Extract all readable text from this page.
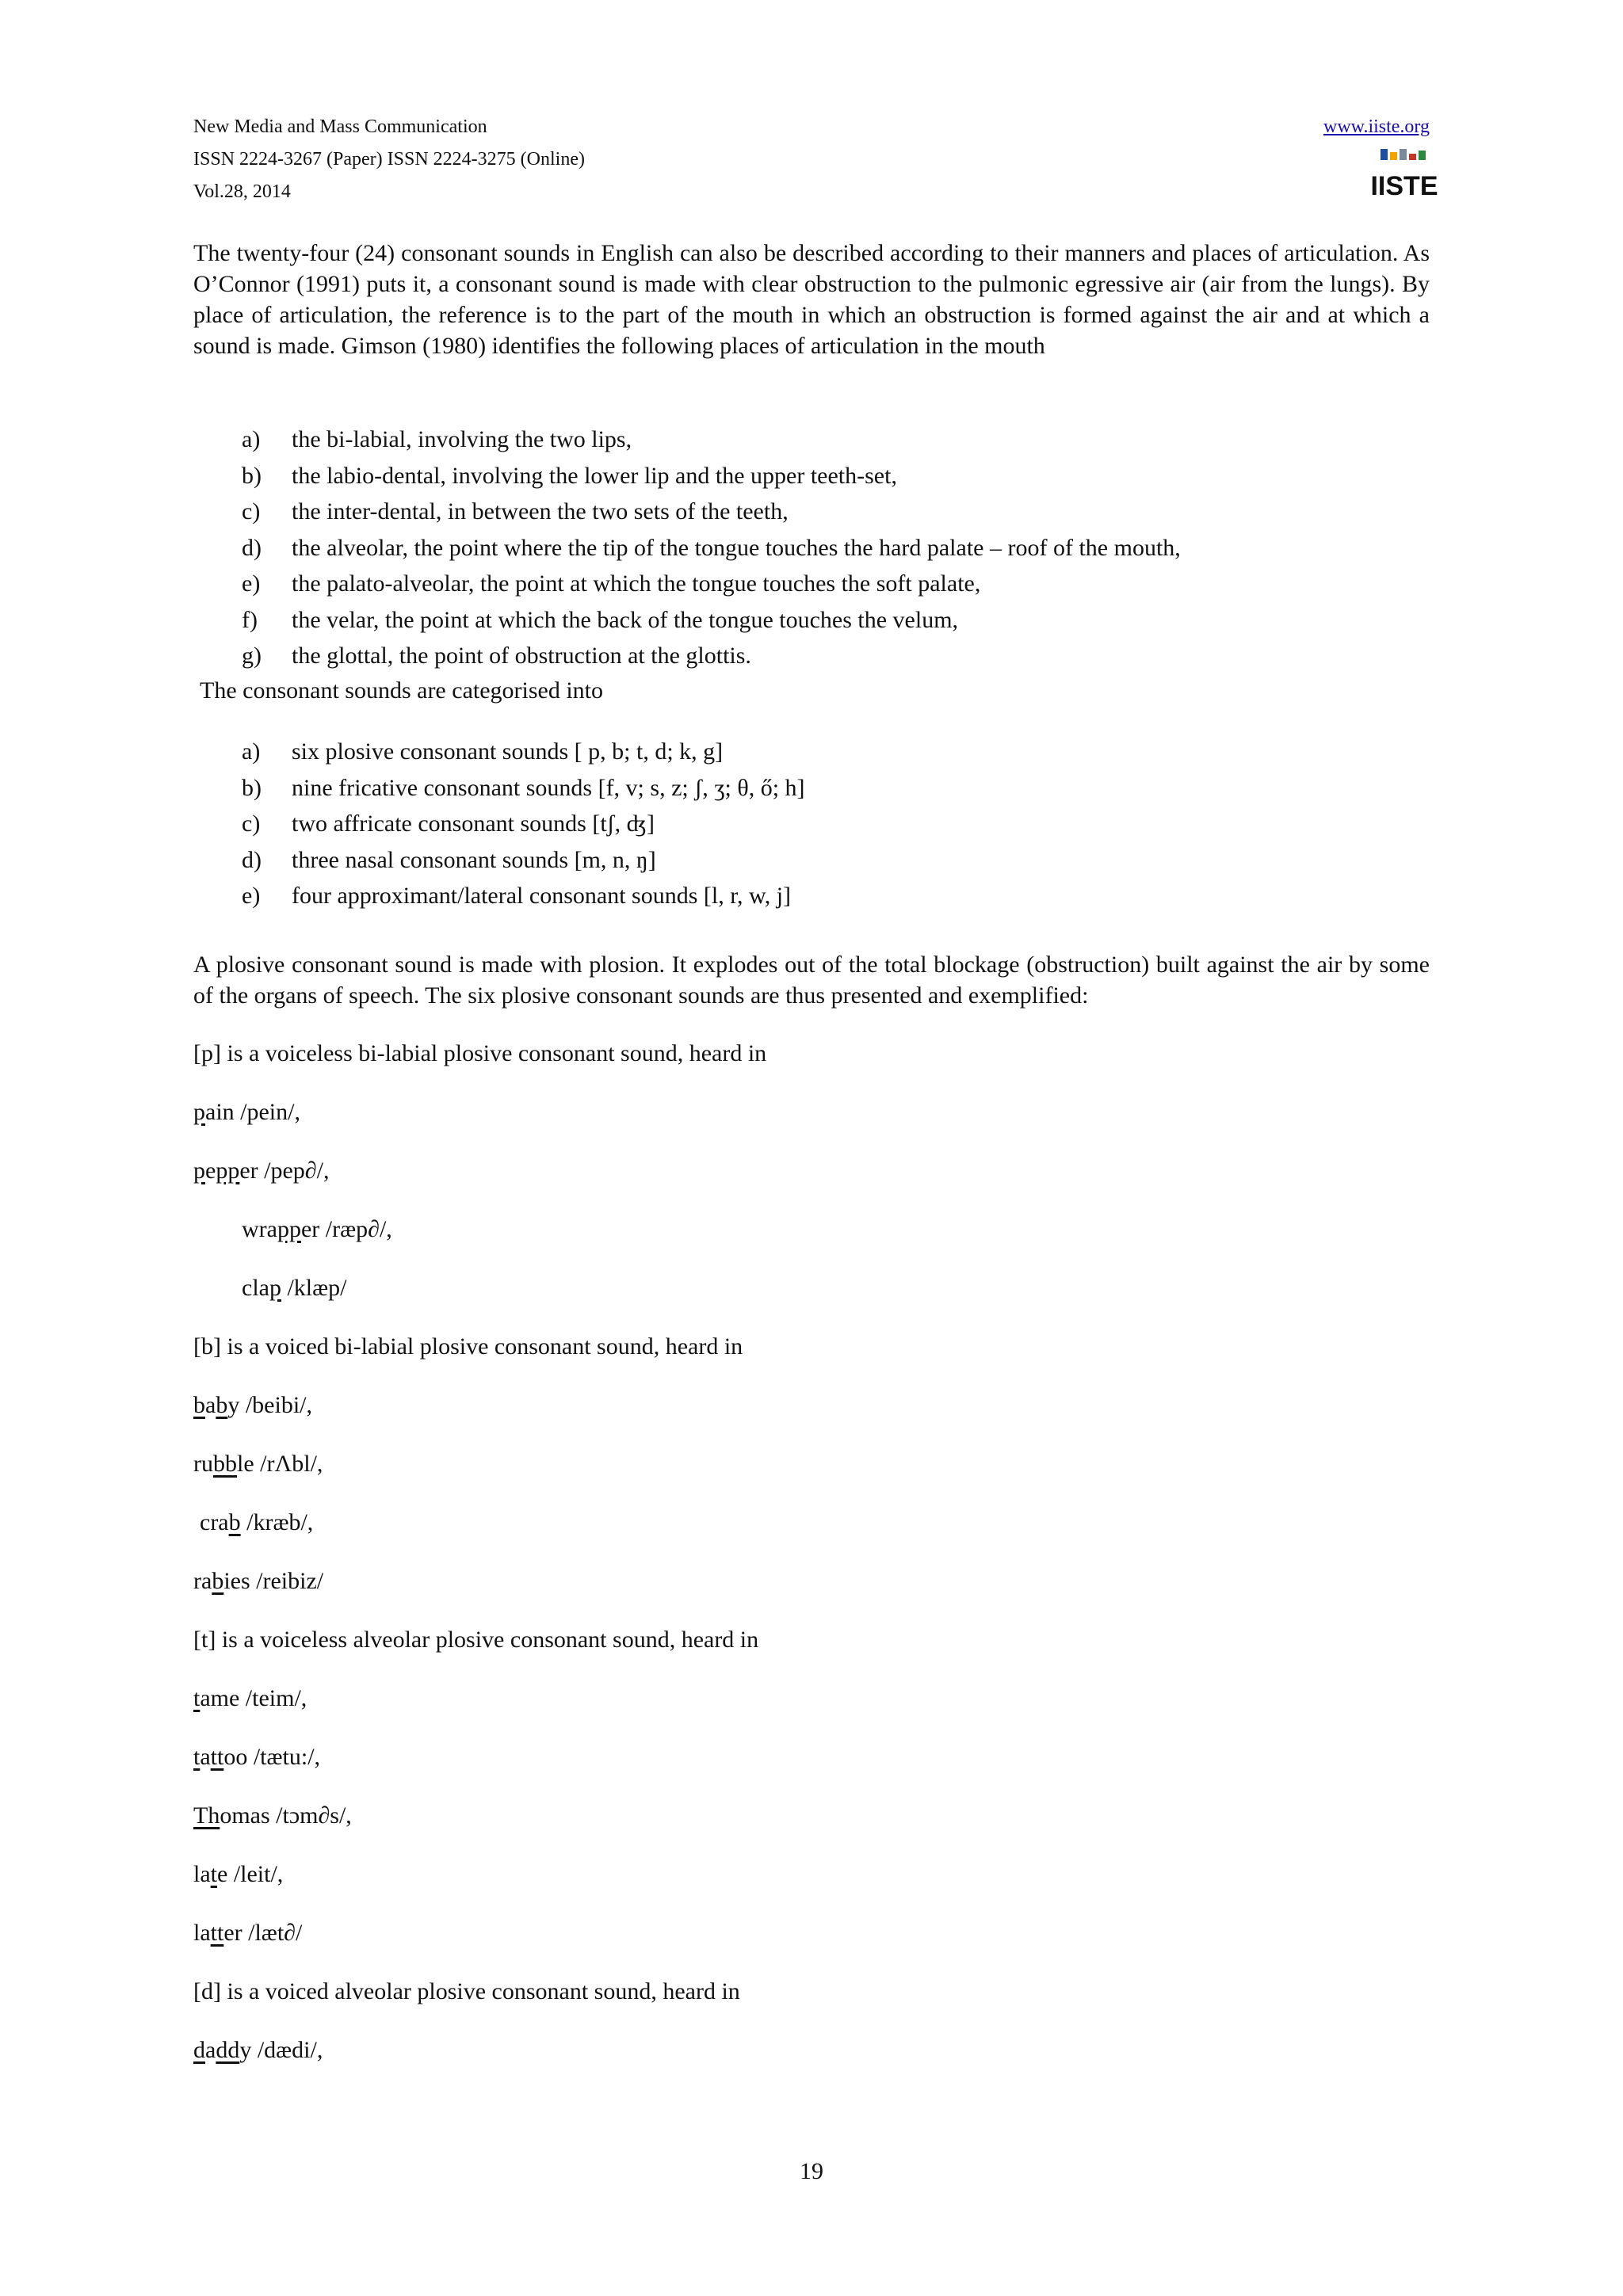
New Media and Mass Communication
ISSN 2224-3267 (Paper) ISSN 2224-3275 (Online)
Vol.28, 2014
www.iiste.org
IISTE
The twenty-four (24) consonant sounds in English can also be described according to their manners and places of articulation. As O’Connor (1991) puts it, a consonant sound is made with clear obstruction to the pulmonic egressive air (air from the lungs). By place of articulation, the reference is to the part of the mouth in which an obstruction is formed against the air and at which a sound is made. Gimson (1980) identifies the following places of articulation in the mouth
a)	the bi-labial, involving the two lips,
b)	the labio-dental, involving the lower lip and the upper teeth-set,
c)	the inter-dental, in between the two sets of the teeth,
d)	the alveolar, the point where the tip of the tongue touches the hard palate – roof of the mouth,
e)	the palato-alveolar, the point at which the tongue touches the soft palate,
f)	the velar, the point at which the back of the tongue touches the velum,
g)	the glottal, the point of obstruction at the glottis.
The consonant sounds are categorised into
a)	six plosive consonant sounds [ p, b; t, d; k, g]
b)	nine fricative consonant sounds [f, v; s, z; ʃ, ʒ; θ, ő; h]
c)	two affricate consonant sounds [tʃ, ʤ]
d)	three nasal consonant sounds [m, n, ŋ]
e)	four approximant/lateral consonant sounds [l, r, w, j]
A plosive consonant sound is made with plosion. It explodes out of the total blockage (obstruction) built against the air by some of the organs of speech. The six plosive consonant sounds are thus presented and exemplified:
[p] is a voiceless bi-labial plosive consonant sound, heard in
pain /pein/,
pepper /pep∂/,
wrapper /ræp∂/,
clap /klæp/
[b] is a voiced bi-labial plosive consonant sound, heard in
baby /beibi/,
rubble /rΛbl/,
crab /kræb/,
rabies /reibiz/
[t] is a voiceless alveolar plosive consonant sound, heard in
tame /teim/,
tattoo /tætu:/,
Thomas /tɔm∂s/,
late /leit/,
latter /læt∂/
[d] is a voiced alveolar plosive consonant sound, heard in
daddy /dædi/,
19
